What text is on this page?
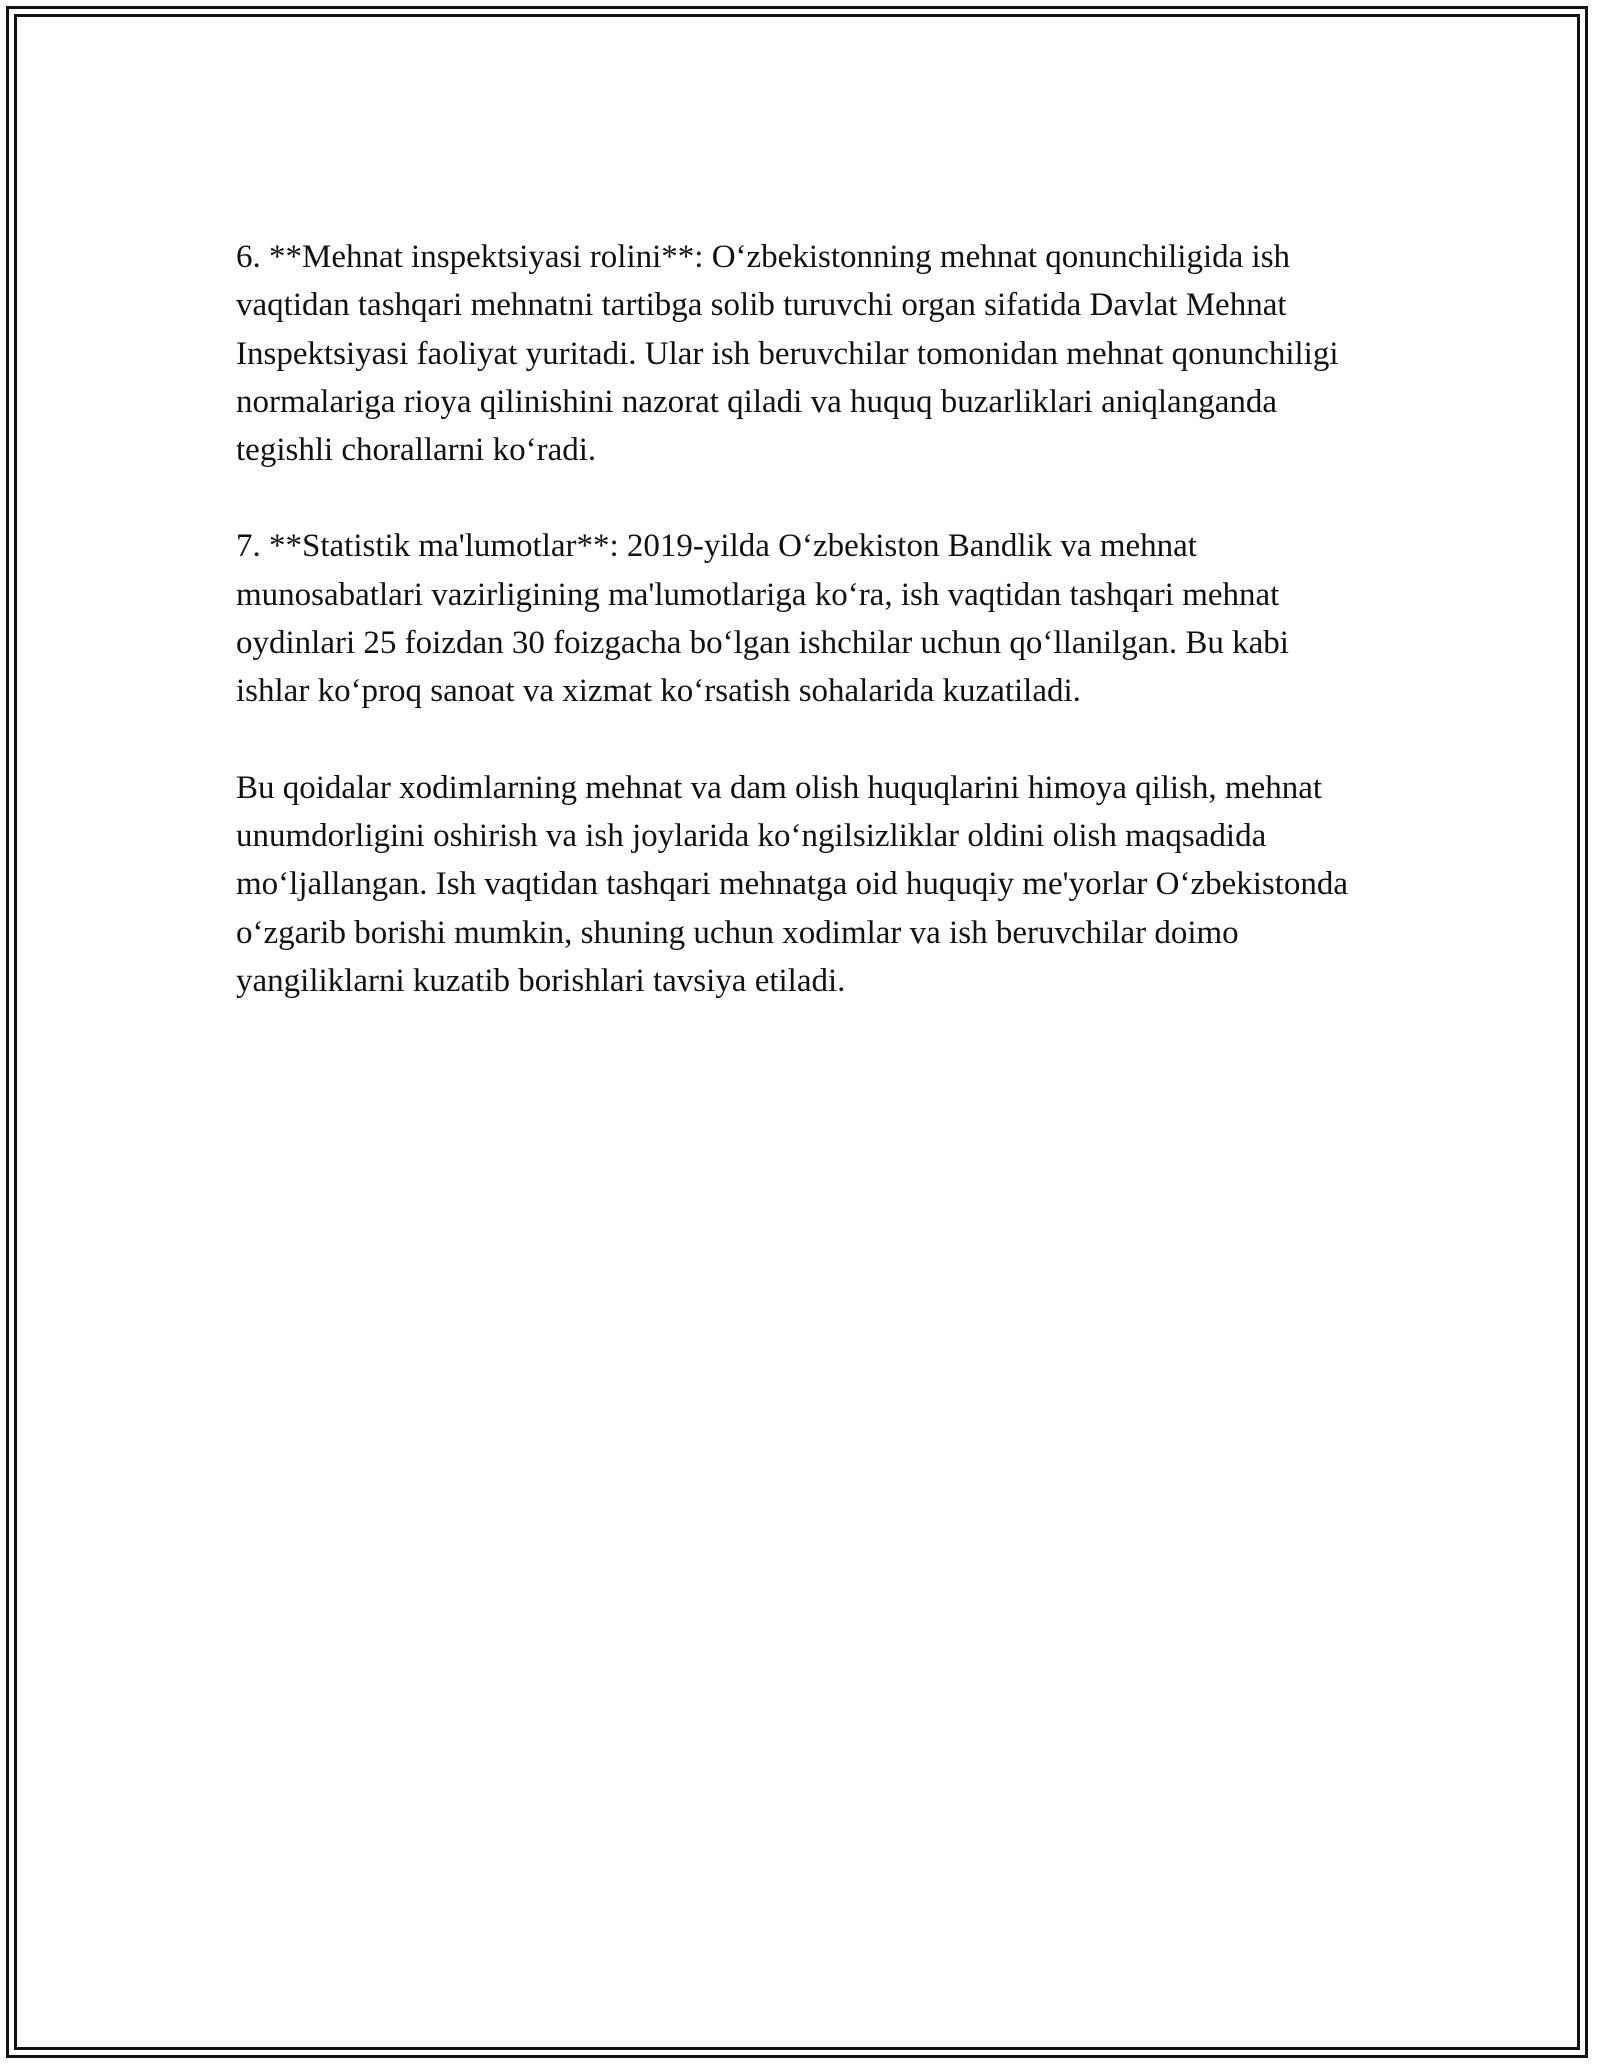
6. **Mehnat inspektsiyasi rolini**: O‘zbekistonning mehnat qonunchiligida ish vaqtidan tashqari mehnatni tartibga solib turuvchi organ sifatida Davlat Mehnat Inspektsiyasi faoliyat yuritadi. Ular ish beruvchilar tomonidan mehnat qonunchiligi normalariga rioya qilinishini nazorat qiladi va huquq buzarliklari aniqlanganda tegishli chorallarni ko‘radi.

7. **Statistik ma'lumotlar**: 2019-yilda O‘zbekiston Bandlik va mehnat munosabatlari vazirligining ma'lumotlariga ko‘ra, ish vaqtidan tashqari mehnat oydinlari 25 foizdan 30 foizgacha bo‘lgan ishchilar uchun qo‘llanilgan. Bu kabi ishlar ko‘proq sanoat va xizmat ko‘rsatish sohalarida kuzatiladi.

Bu qoidalar xodimlarning mehnat va dam olish huquqlarini himoya qilish, mehnat unumdorligini oshirish va ish joylarida ko‘ngilsizliklar oldini olish maqsadida mo‘ljallangan. Ish vaqtidan tashqari mehnatga oid huquqiy me'yorlar O‘zbekistonda o‘zgarib borishi mumkin, shuning uchun xodimlar va ish beruvchilar doimo yangiliklarni kuzatib borishlari tavsiya etiladi.
